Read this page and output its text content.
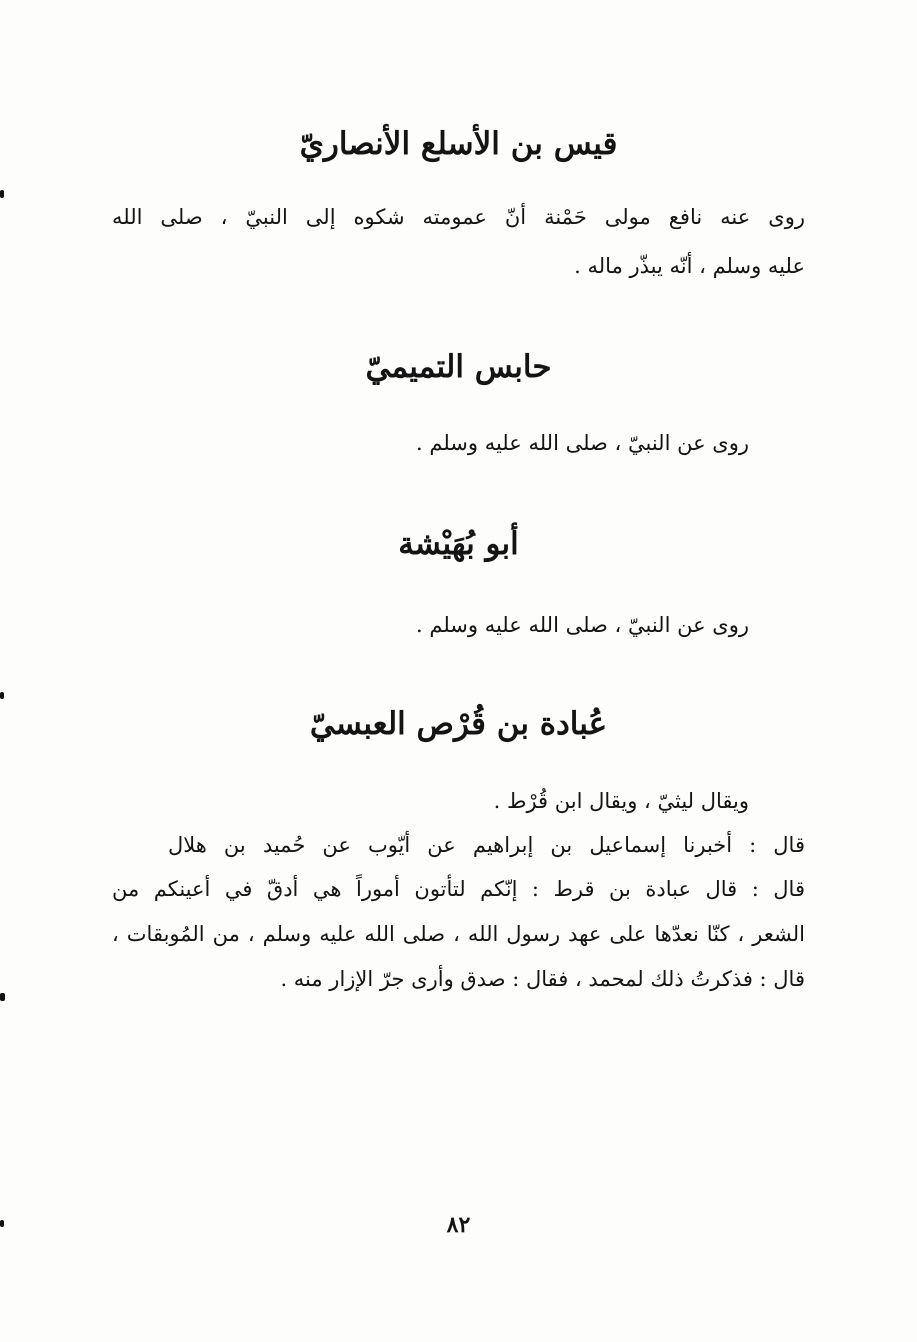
قيس بن الأسلع الأنصاريّ
روى عنه نافع مولى حَمْنة أنّ عمومته شكوه إلى النبيّ ، صلى الله
عليه وسلم ، أنّه يبذّر ماله .
حابس التميميّ
روى عن النبيّ ، صلى الله عليه وسلم .
أبو بُهَيْشة
روى عن النبيّ ، صلى الله عليه وسلم .
عُبادة بن قُرْص العبسيّ
ويقال ليثيّ ، ويقال ابن قُرْط .
قال : أخبرنا إسماعيل بن إبراهيم عن أيّوب عن حُميد بن هلال
قال : قال عبادة بن قرط : إنّكم لتأتون أموراً هي أدقّ في أعينكم من
الشعر ، كنّا نعدّها على عهد رسول الله ، صلى الله عليه وسلم ، من المُوبقات ،
قال : فذكرتُ ذلك لمحمد ، فقال : صدق وأرى جرّ الإزار منه .
٨٢
